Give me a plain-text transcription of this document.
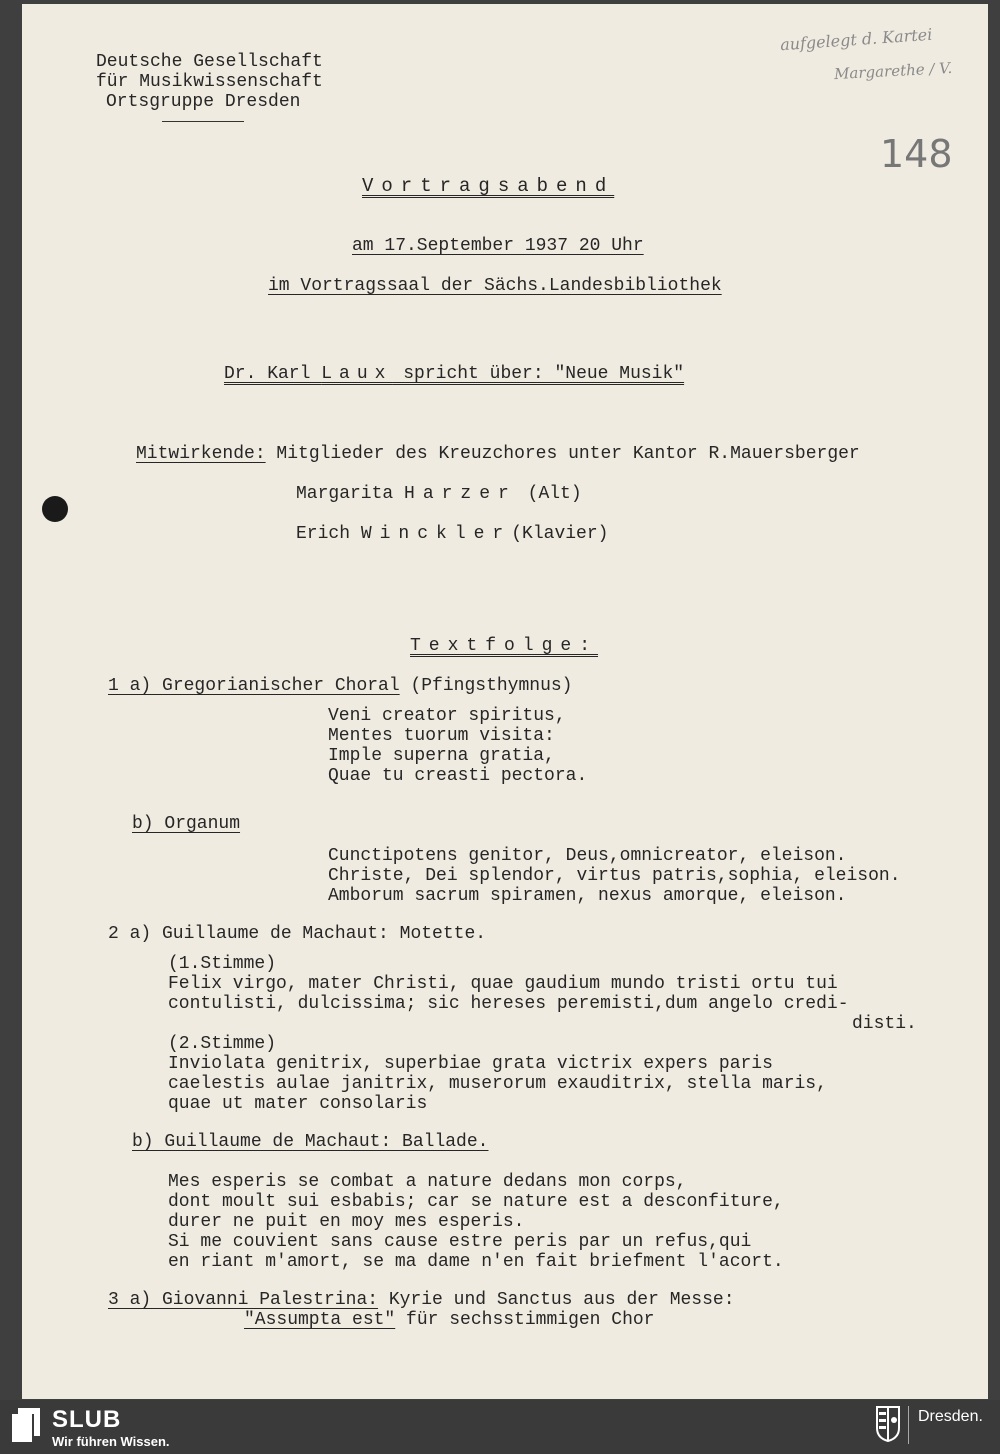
Deutsche Gesellschaft
für Musikwissenschaft
Ortsgruppe Dresden
aufgelegt d. Kartei
Margarethe / V.
148
Vortragsabend
am 17.September 1937 20 Uhr
im Vortragssaal der Sächs.Landesbibliothek
Dr. Karl Laux spricht über: "Neue Musik"
Mitwirkende: Mitglieder des Kreuzchores unter Kantor R.Mauersberger
Margarita Harzer (Alt)
Erich Winckler(Klavier)
Textfolge:
1 a) Gregorianischer Choral (Pfingsthymnus)
Veni creator spiritus,
Mentes tuorum visita:
Imple superna gratia,
Quae tu creasti pectora.
b) Organum
Cunctipotens genitor, Deus,omnicreator, eleison.
Christe, Dei splendor, virtus patris,sophia, eleison.
Amborum sacrum spiramen, nexus amorque, eleison.
2 a) Guillaume de Machaut: Motette.
(1.Stimme)
Felix virgo, mater Christi, quae gaudium mundo tristi ortu tui
contulisti, dulcissima; sic hereses peremisti,dum angelo credi-
disti.
(2.Stimme)
Inviolata genitrix, superbiae grata victrix expers paris
caelestis aulae janitrix, muserorum exauditrix, stella maris,
quae ut mater consolaris
b) Guillaume de Machaut: Ballade.
Mes esperis se combat a nature dedans mon corps,
dont moult sui esbabis; car se nature est a desconfiture,
durer ne puit en moy mes esperis.
Si me couvient sans cause estre peris par un refus,qui
en riant m'amort, se ma dame n'en fait briefment l'acort.
3 a) Giovanni Palestrina: Kyrie und Sanctus aus der Messe:
"Assumpta est" für sechsstimmigen Chor
SLUB
Wir führen Wissen.
Dresden.
